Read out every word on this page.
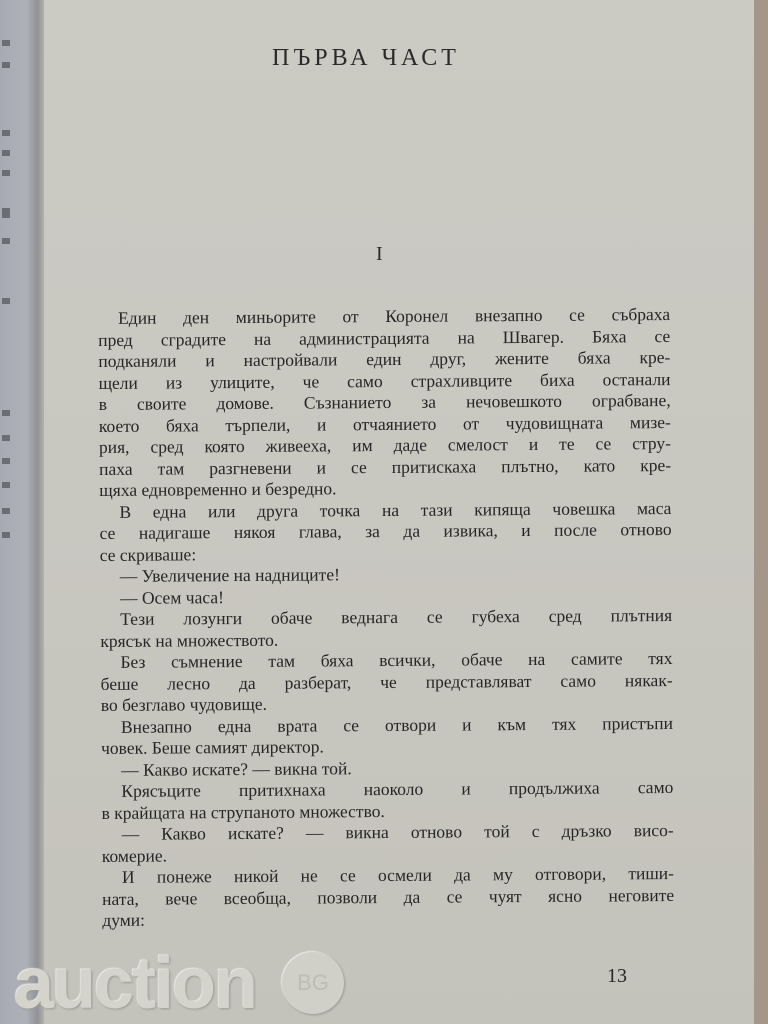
ПЪРВА ЧАСТ
I
Един ден миньорите от Коронел внезапно се събраха
пред сградите на администрацията на Швагер. Бяха се
подканяли и настройвали един друг, жените бяха кре-
щели из улиците, че само страхливците биха останали
в своите домове. Съзнанието за нечовешкото ограбване,
което бяха търпели, и отчаянието от чудовищната мизе-
рия, сред която живееха, им даде смелост и те се стру-
паха там разгневени и се притискаха плътно, като кре-
щяха едновременно и безредно.
В една или друга точка на тази кипяща човешка маса
се надигаше някоя глава, за да извика, и после отново
се скриваше:
— Увеличение на надниците!
— Осем часа!
Тези лозунги обаче веднага се губеха сред плътния
крясък на множеството.
Без съмнение там бяха всички, обаче на самите тях
беше лесно да разберат, че представляват само някак-
во безглаво чудовище.
Внезапно една врата се отвори и към тях пристъпи
човек. Беше самият директор.
— Какво искате? — викна той.
Крясъците притихнаха наоколо и продължиха само
в крайщата на струпаното множество.
— Какво искате? — викна отново той с дръзко висо-
комерие.
И понеже никой не се осмели да му отговори, тиши-
ната, вече всеобща, позволи да се чуят ясно неговите
думи:
auction	BG	13
